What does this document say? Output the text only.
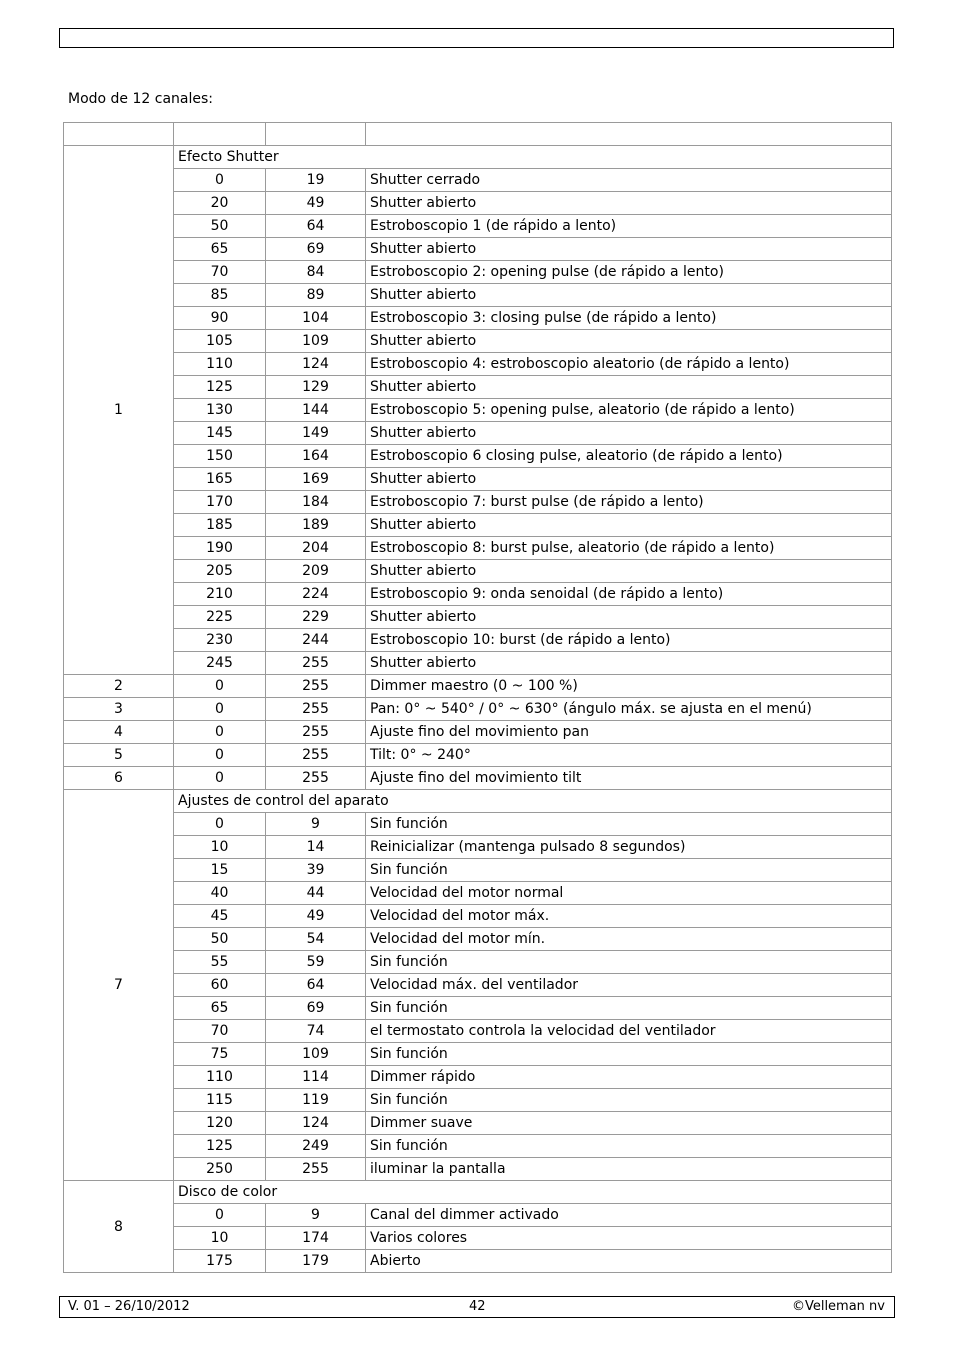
Modo de 12 canales:

1	Efecto Shutter		
	0	19	Shutter cerrado
	20	49	Shutter abierto
	50	64	Estroboscopio 1 (de rápido a lento)
	65	69	Shutter abierto
	70	84	Estroboscopio 2: opening pulse (de rápido a lento)
	85	89	Shutter abierto
	90	104	Estroboscopio 3: closing pulse (de rápido a lento)
	105	109	Shutter abierto
	110	124	Estroboscopio 4: estroboscopio aleatorio (de rápido a lento)
	125	129	Shutter abierto
	130	144	Estroboscopio 5: opening pulse, aleatorio (de rápido a lento)
	145	149	Shutter abierto
	150	164	Estroboscopio 6 closing pulse, aleatorio (de rápido a lento)
	165	169	Shutter abierto
	170	184	Estroboscopio 7: burst pulse (de rápido a lento)
	185	189	Shutter abierto
	190	204	Estroboscopio 8: burst pulse, aleatorio (de rápido a lento)
	205	209	Shutter abierto
	210	224	Estroboscopio 9: onda senoidal (de rápido a lento)
	225	229	Shutter abierto
	230	244	Estroboscopio 10: burst (de rápido a lento)
	245	255	Shutter abierto
2	0	255	Dimmer maestro (0 ~ 100 %)
3	0	255	Pan: 0° ~ 540° / 0° ~ 630° (ángulo máx. se ajusta en el menú)
4	0	255	Ajuste fino del movimiento pan
5	0	255	Tilt: 0° ~ 240°
6	0	255	Ajuste fino del movimiento tilt
7	Ajustes de control del aparato		
	0	9	Sin función
	10	14	Reinicializar (mantenga pulsado 8 segundos)
	15	39	Sin función
	40	44	Velocidad del motor normal
	45	49	Velocidad del motor máx.
	50	54	Velocidad del motor mín.
	55	59	Sin función
	60	64	Velocidad máx. del ventilador
	65	69	Sin función
	70	74	el termostato controla la velocidad del ventilador
	75	109	Sin función
	110	114	Dimmer rápido
	115	119	Sin función
	120	124	Dimmer suave
	125	249	Sin función
	250	255	iluminar la pantalla
8	Disco de color		
	0	9	Canal del dimmer activado
	10	174	Varios colores
	175	179	Abierto
V. 01 – 26/10/2012	42	©Velleman nv
